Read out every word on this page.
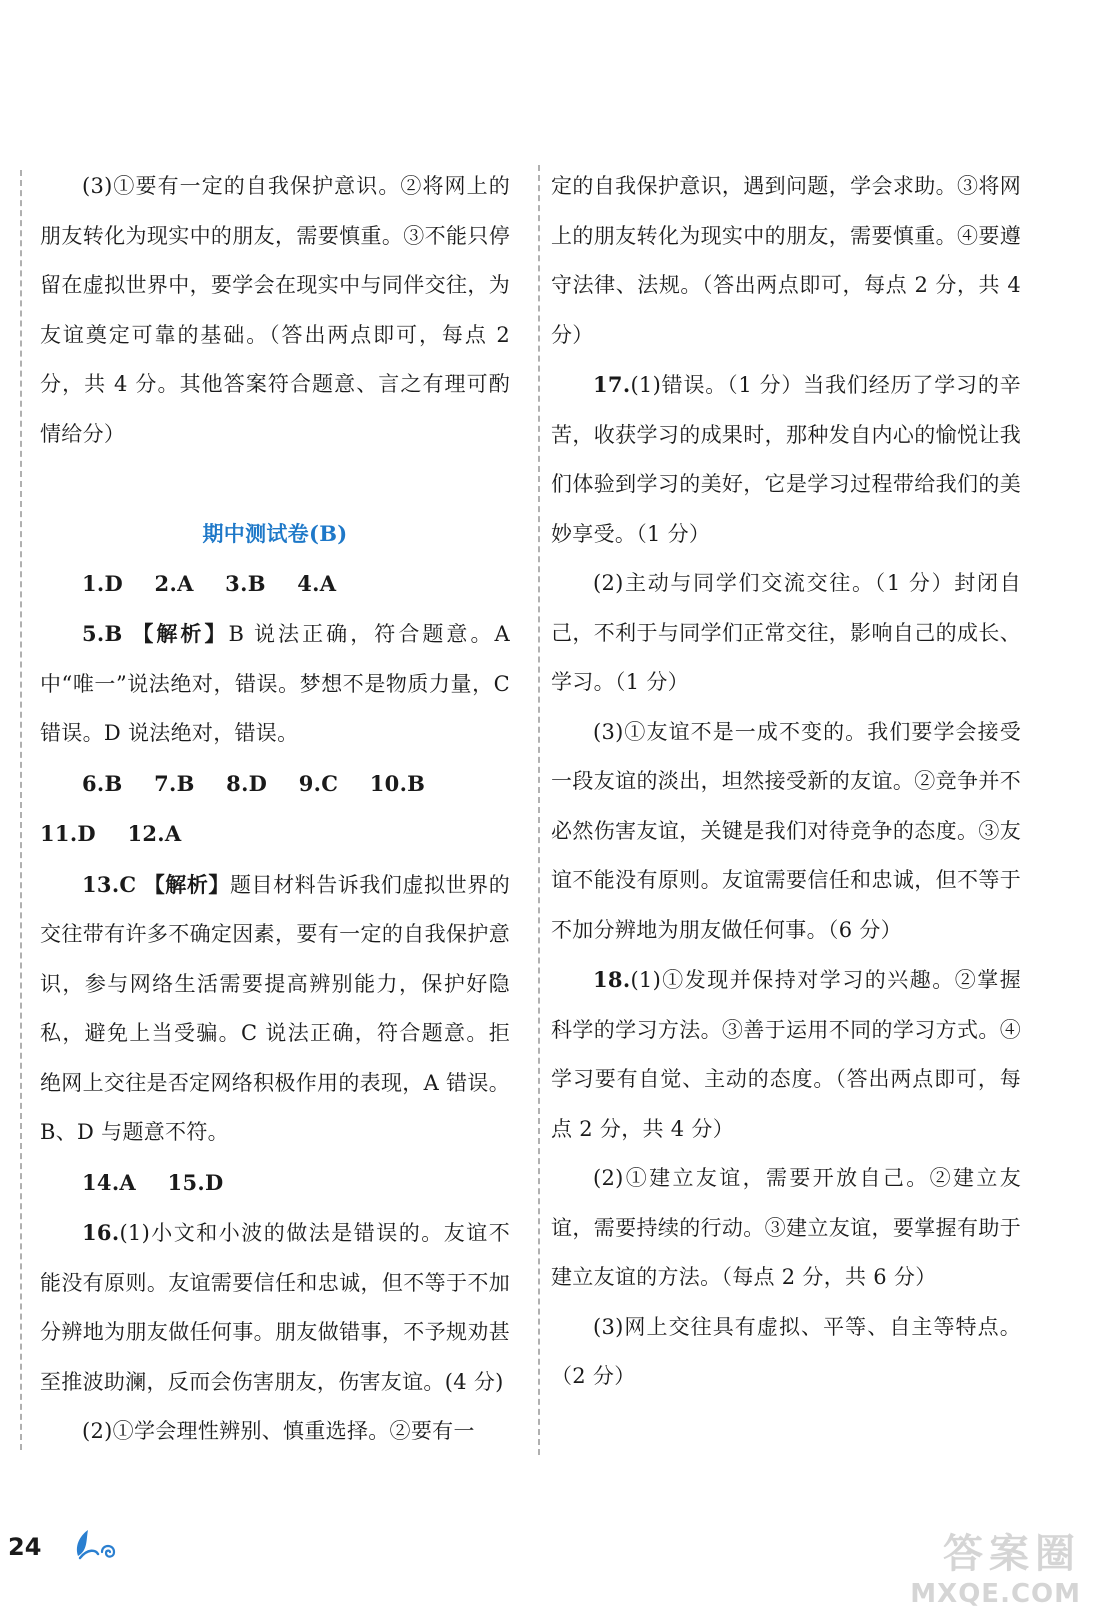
(3)①要有一定的自我保护意识。②将网上的朋友转化为现实中的朋友，需要慎重。③不能只停留在虚拟世界中，要学会在现实中与同伴交往，为友谊奠定可靠的基础。（答出两点即可，每点 2 分，共 4 分。其他答案符合题意、言之有理可酌情给分）

期中测试卷(B)

1.D 2.A 3.B 4.A

5.B 【解析】B 说法正确，符合题意。A 中“唯一”说法绝对，错误。梦想不是物质力量，C 错误。D 说法绝对，错误。

6.B 7.B 8.D 9.C 10.B11.D 12.A

13.C 【解析】题目材料告诉我们虚拟世界的交往带有许多不确定因素，要有一定的自我保护意识，参与网络生活需要提高辨别能力，保护好隐私，避免上当受骗。C 说法正确，符合题意。拒绝网上交往是否定网络积极作用的表现，A 错误。B、D 与题意不符。

14.A 15.D

16.(1)小文和小波的做法是错误的。友谊不能没有原则。友谊需要信任和忠诚，但不等于不加分辨地为朋友做任何事。朋友做错事，不予规劝甚至推波助澜，反而会伤害朋友，伤害友谊。(4 分)

(2)①学会理性辨别、慎重选择。②要有一

定的自我保护意识，遇到问题，学会求助。③将网上的朋友转化为现实中的朋友，需要慎重。④要遵守法律、法规。（答出两点即可，每点 2 分，共 4 分）

17.(1)错误。（1 分）当我们经历了学习的辛苦，收获学习的成果时，那种发自内心的愉悦让我们体验到学习的美好，它是学习过程带给我们的美妙享受。（1 分）

(2)主动与同学们交流交往。（1 分）封闭自己，不利于与同学们正常交往，影响自己的成长、学习。（1 分）

(3)①友谊不是一成不变的。我们要学会接受一段友谊的淡出，坦然接受新的友谊。②竞争并不必然伤害友谊，关键是我们对待竞争的态度。③友谊不能没有原则。友谊需要信任和忠诚，但不等于不加分辨地为朋友做任何事。（6 分）

18.(1)①发现并保持对学习的兴趣。②掌握科学的学习方法。③善于运用不同的学习方式。④学习要有自觉、主动的态度。（答出两点即可，每点 2 分，共 4 分）

(2)①建立友谊，需要开放自己。②建立友谊，需要持续的行动。③建立友谊，要掌握有助于建立友谊的方法。（每点 2 分，共 6 分）

(3)网上交往具有虚拟、平等、自主等特点。（2 分）

24	答案圈
MXQE.COM
